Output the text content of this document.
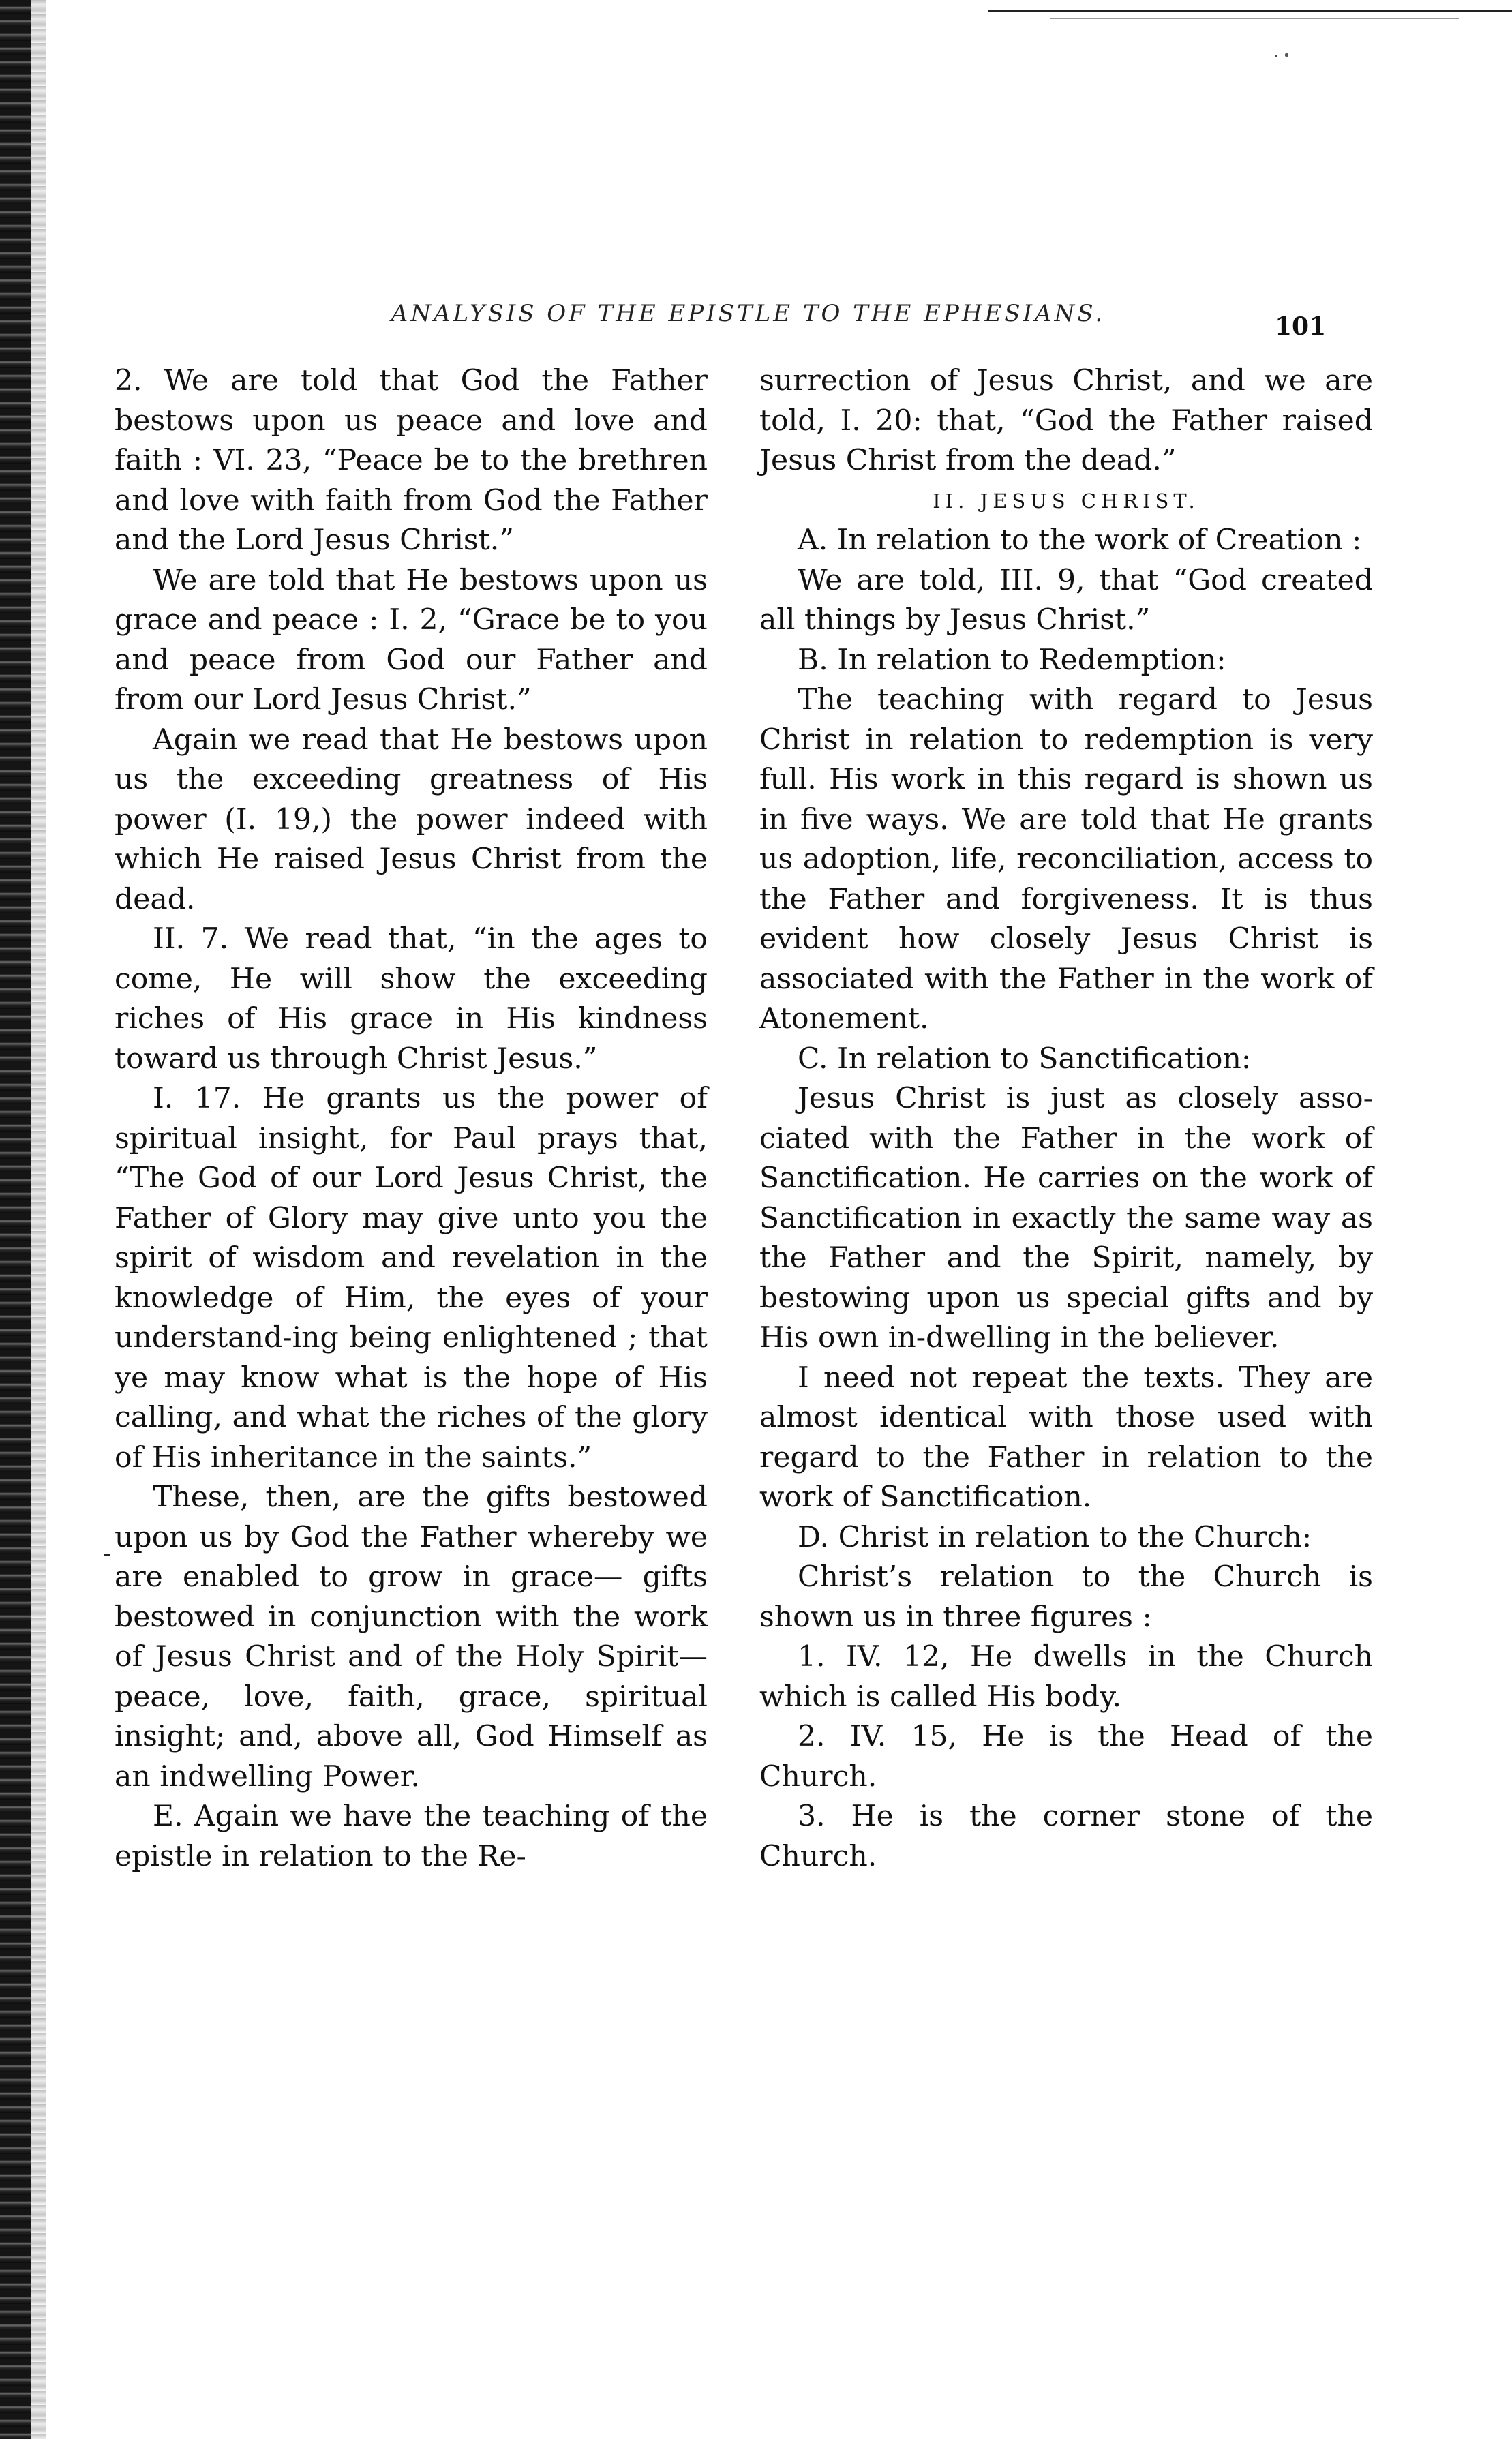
ANALYSIS OF THE EPISTLE TO THE EPHESIANS.	101

2. We are told that God the Father bestows upon us peace and love and faith : VI. 23, “Peace be to the brethren and love with faith from God the Father and the Lord Jesus Christ.”

We are told that He bestows upon us grace and peace : I. 2, “Grace be to you and peace from God our Father and from our Lord Jesus Christ.”

Again we read that He bestows upon us the exceeding greatness of His power (I. 19,) the power indeed with which He raised Jesus Christ from the dead.

II. 7. We read that, “in the ages to come, He will show the exceeding riches of His grace in His kindness toward us through Christ Jesus.”

I. 17. He grants us the power of spiritual insight, for Paul prays that, “The God of our Lord Jesus Christ, the Father of Glory may give unto you the spirit of wisdom and revelation in the knowledge of Him, the eyes of your understand-ing being enlightened ; that ye may know what is the hope of His calling, and what the riches of the glory of His inheritance in the saints.”

These, then, are the gifts bestowed upon us by God the Father whereby we are enabled to grow in grace— gifts bestowed in conjunction with the work of Jesus Christ and of the Holy Spirit—peace, love, faith, grace, spiritual insight; and, above all, God Himself as an indwelling Power.

E. Again we have the teaching of the epistle in relation to the Re-

surrection of Jesus Christ, and we are told, I. 20: that, “God the Father raised Jesus Christ from the dead.”

II. JESUS CHRIST.

A. In relation to the work of Creation :

We are told, III. 9, that “God created all things by Jesus Christ.”

B. In relation to Redemption:

The teaching with regard to Jesus Christ in relation to redemption is very full. His work in this regard is shown us in five ways. We are told that He grants us adoption, life, reconciliation, access to the Father and forgiveness. It is thus evident how closely Jesus Christ is associated with the Father in the work of Atonement.

C. In relation to Sanctification:

Jesus Christ is just as closely asso-ciated with the Father in the work of Sanctification. He carries on the work of Sanctification in exactly the same way as the Father and the Spirit, namely, by bestowing upon us special gifts and by His own in-dwelling in the believer.

I need not repeat the texts. They are almost identical with those used with regard to the Father in relation to the work of Sanctification.

D. Christ in relation to the Church:

Christ’s relation to the Church is shown us in three figures :

1. IV. 12, He dwells in the Church which is called His body.

2. IV. 15, He is the Head of the Church.

3. He is the corner stone of the Church.
